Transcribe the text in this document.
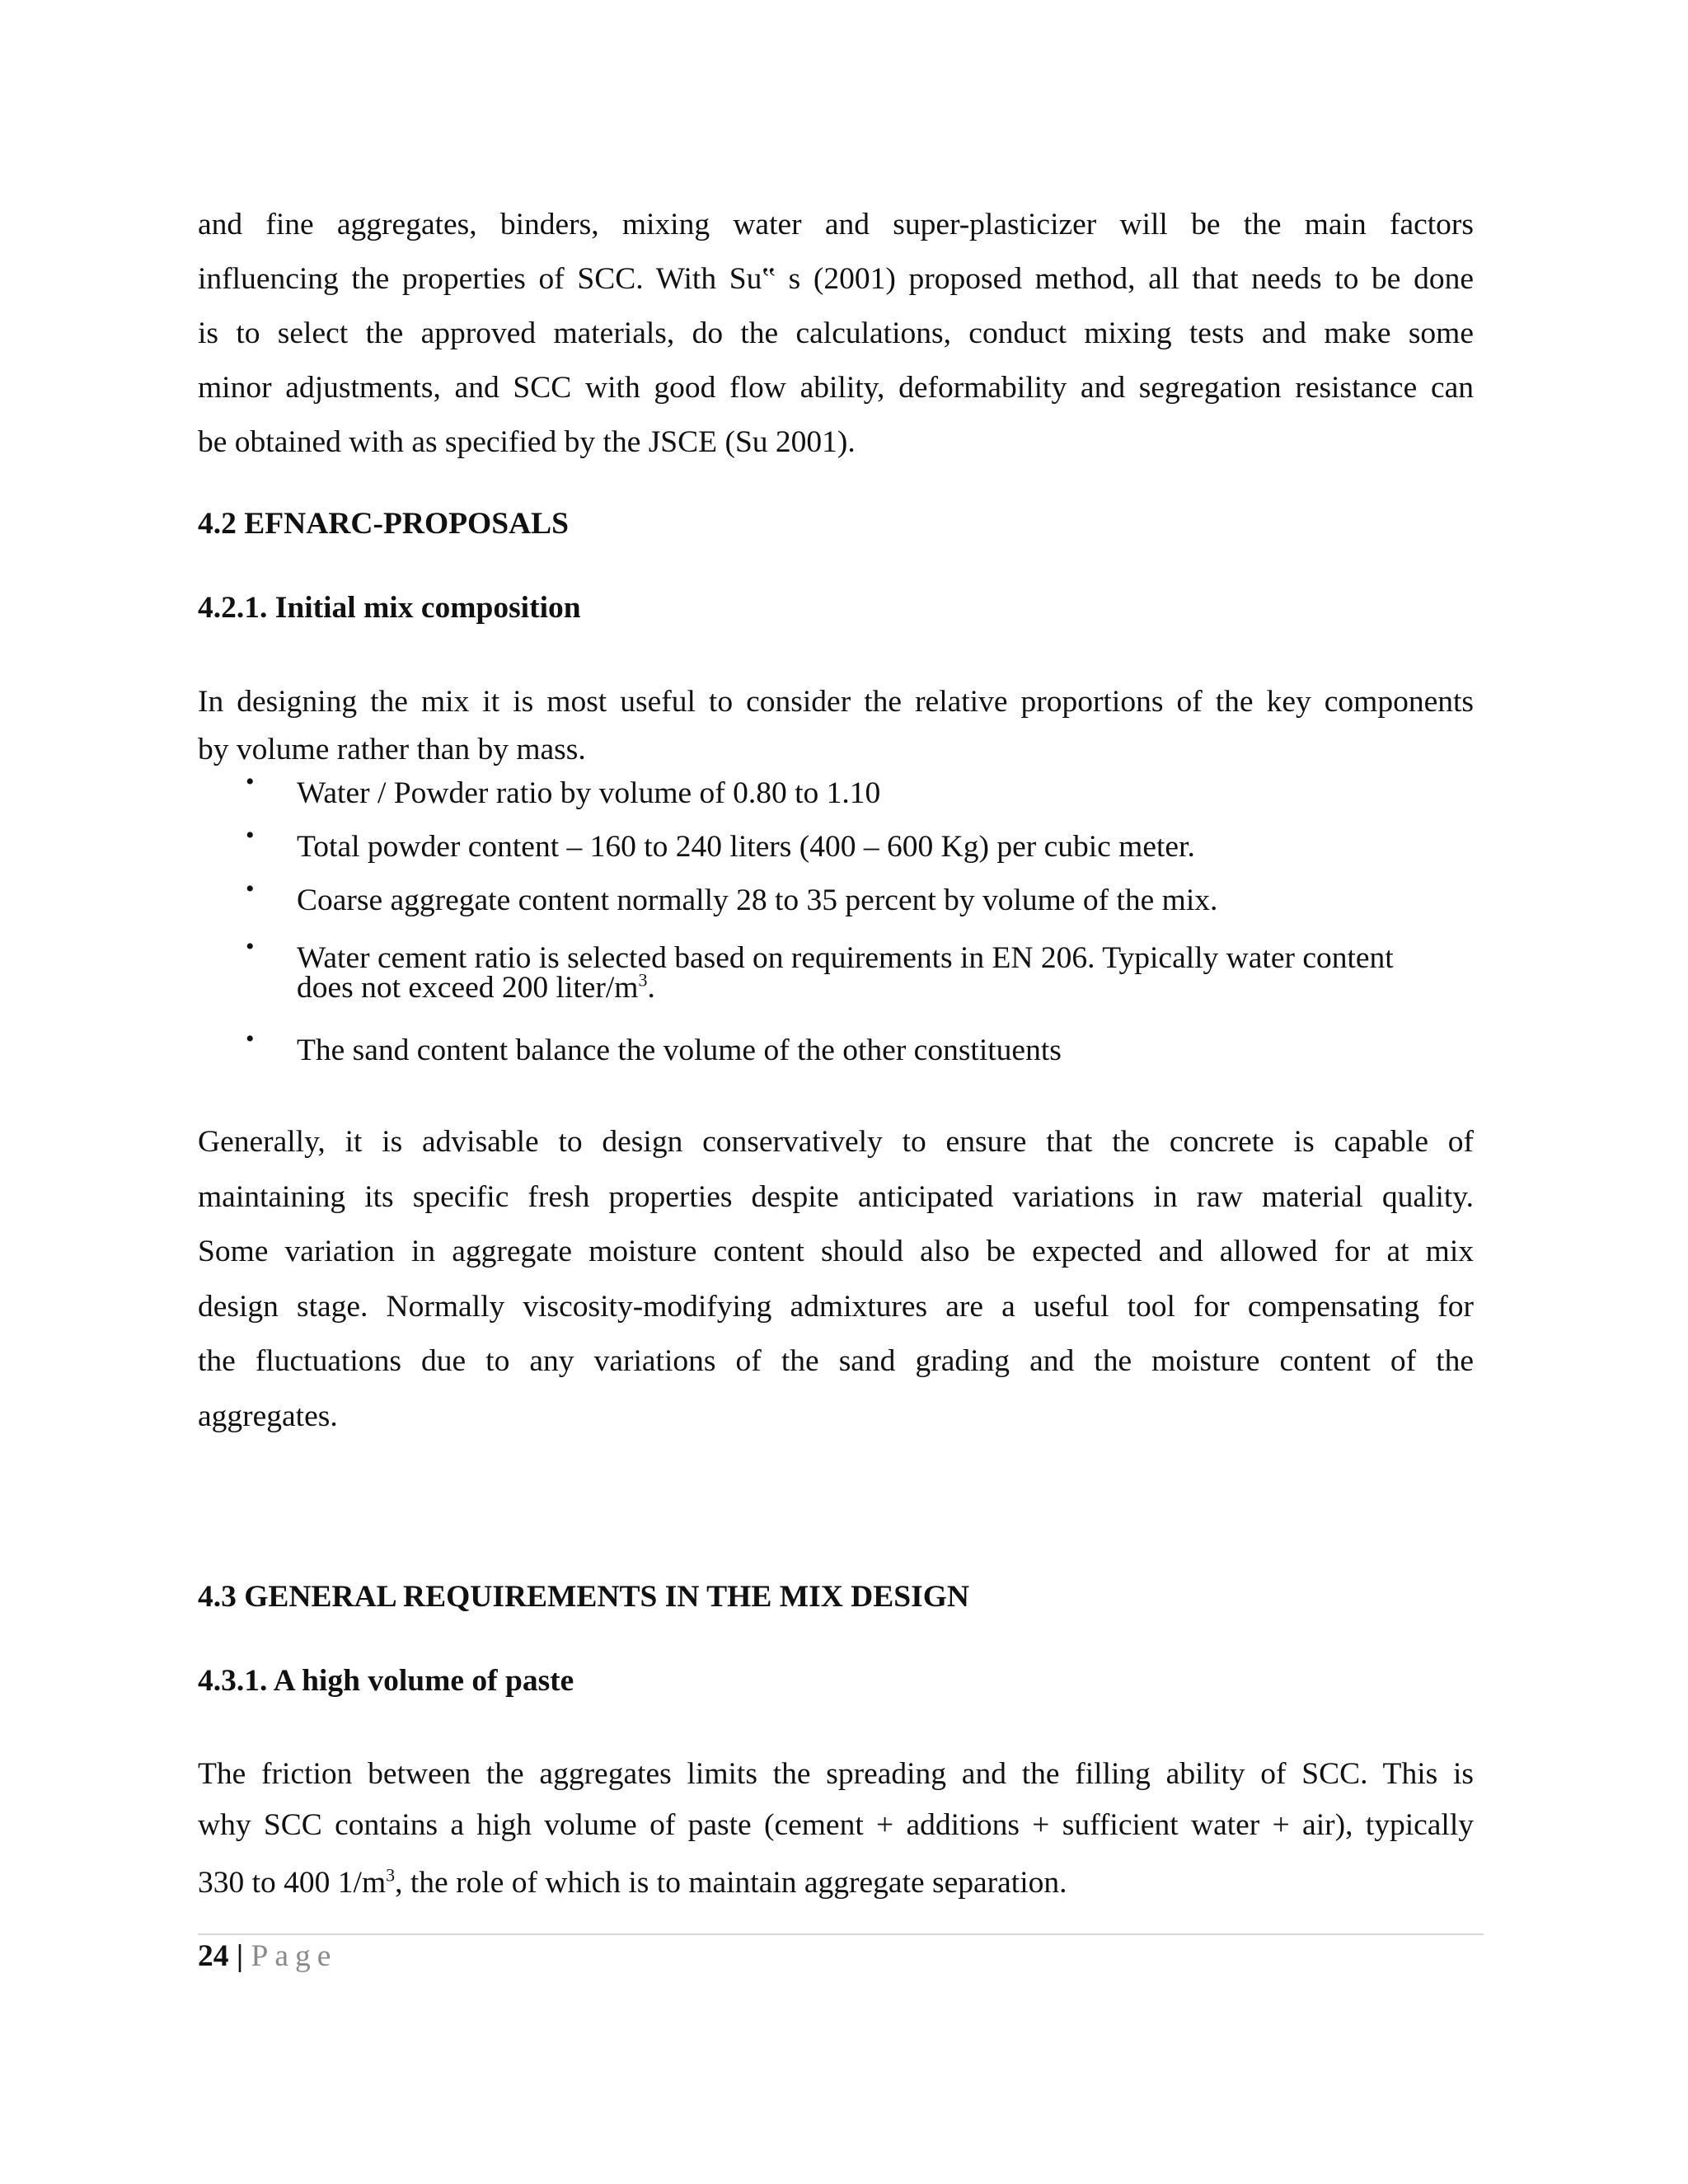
and fine aggregates, binders, mixing water and super-plasticizer will be the main factors
influencing the properties of SCC. With Su‟ s (2001) proposed method, all that needs to be done
is to select the approved materials, do the calculations, conduct mixing tests and make some
minor adjustments, and SCC with good flow ability, deformability and segregation resistance can
be obtained with as specified by the JSCE (Su 2001).

4.2 EFNARC-PROPOSALS
4.2.1. Initial mix composition

In designing the mix it is most useful to consider the relative proportions of the key components
by volume rather than by mass.

• Water / Powder ratio by volume of 0.80 to 1.10
• Total powder content – 160 to 240 liters (400 – 600 Kg) per cubic meter.
• Coarse aggregate content normally 28 to 35 percent by volume of the mix.
• Water cement ratio is selected based on requirements in EN 206. Typically water content
does not exceed 200 liter/$m^3$.
• The sand content balance the volume of the other constituents

Generally, it is advisable to design conservatively to ensure that the concrete is capable of
maintaining its specific fresh properties despite anticipated variations in raw material quality.
Some variation in aggregate moisture content should also be expected and allowed for at mix
design stage. Normally viscosity-modifying admixtures are a useful tool for compensating for
the fluctuations due to any variations of the sand grading and the moisture content of the
aggregates.

4.3 GENERAL REQUIREMENTS IN THE MIX DESIGN
4.3.1. A high volume of paste

The friction between the aggregates limits the spreading and the filling ability of SCC. This is
why SCC contains a high volume of paste (cement + additions + sufficient water + air), typically

330 to 400 $1/m^3$, the role of which is to maintain aggregate separation.

24 | Page
